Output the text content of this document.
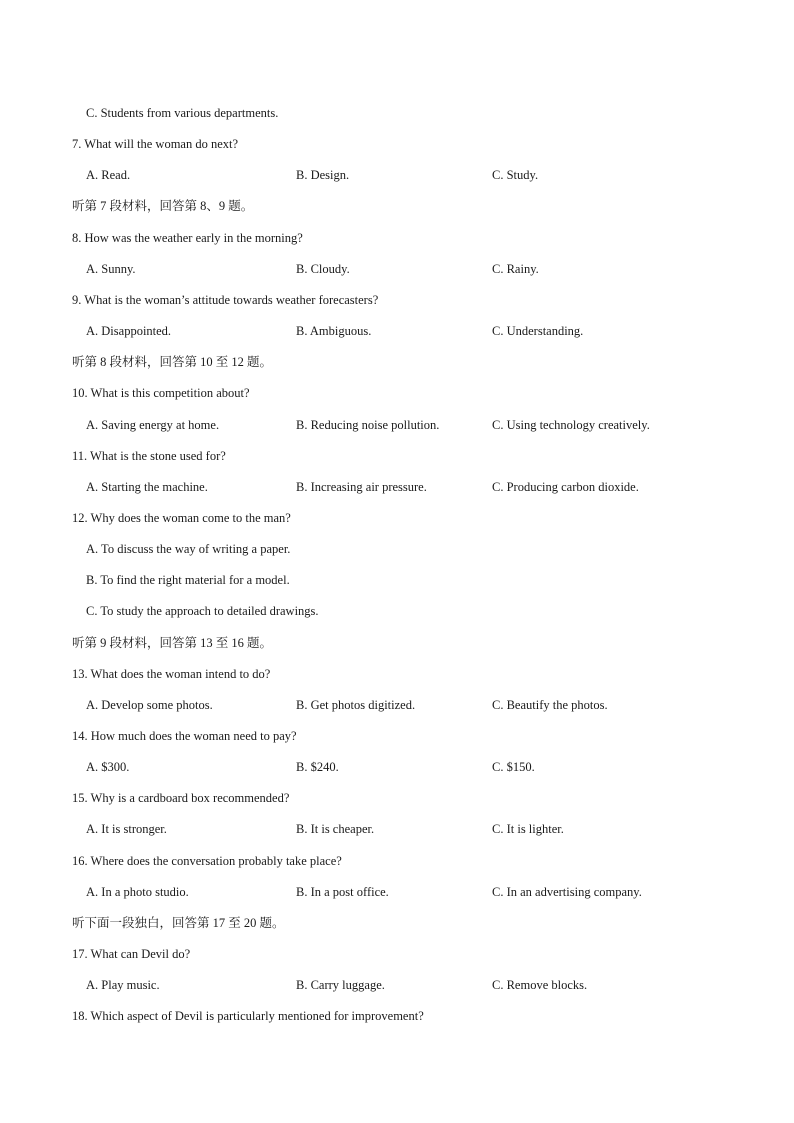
C. Students from various departments.
7. What will the woman do next?
A. Read.	B. Design.	C. Study.
听第 7 段材料，回答第 8、9 题。
8. How was the weather early in the morning?
A. Sunny.	B. Cloudy.	C. Rainy.
9. What is the woman’s attitude towards weather forecasters?
A. Disappointed.	B. Ambiguous.	C. Understanding.
听第 8 段材料，回答第 10 至 12 题。
10. What is this competition about?
A. Saving energy at home.	B. Reducing noise pollution.	C. Using technology creatively.
11. What is the stone used for?
A. Starting the machine.	B. Increasing air pressure.	C. Producing carbon dioxide.
12. Why does the woman come to the man?
A. To discuss the way of writing a paper.
B. To find the right material for a model.
C. To study the approach to detailed drawings.
听第 9 段材料，回答第 13 至 16 题。
13. What does the woman intend to do?
A. Develop some photos.	B. Get photos digitized.	C. Beautify the photos.
14. How much does the woman need to pay?
A. $300.	B. $240.	C. $150.
15. Why is a cardboard box recommended?
A. It is stronger.	B. It is cheaper.	C. It is lighter.
16. Where does the conversation probably take place?
A. In a photo studio.	B. In a post office.	C. In an advertising company.
听下面一段独白，回答第 17 至 20 题。
17. What can Devil do?
A. Play music.	B. Carry luggage.	C. Remove blocks.
18. Which aspect of Devil is particularly mentioned for improvement?
